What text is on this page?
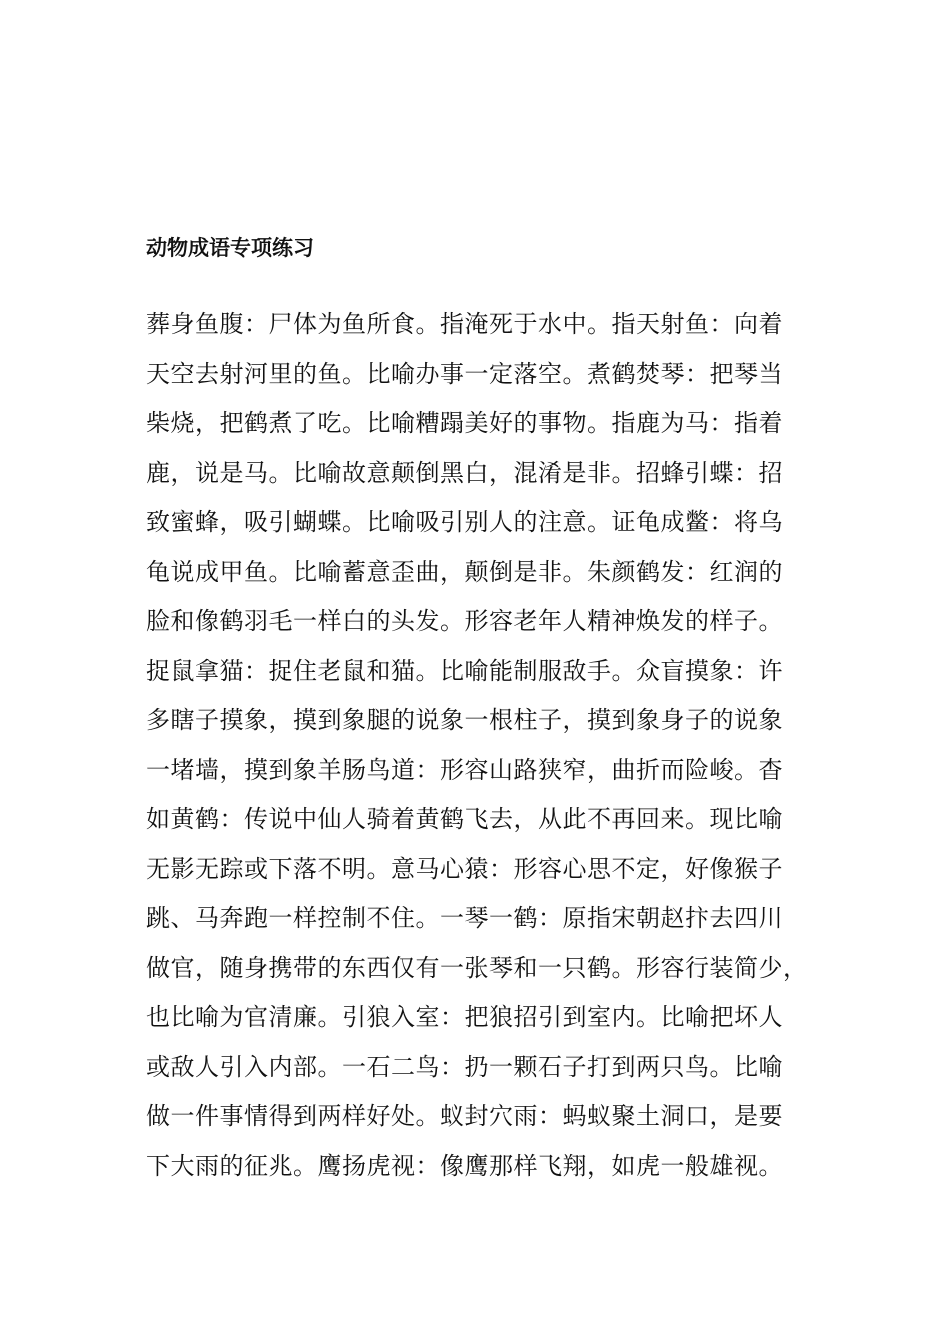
动物成语专项练习
葬身鱼腹：尸体为鱼所食。指淹死于水中。指天射鱼：向着
天空去射河里的鱼。比喻办事一定落空。煮鹤焚琴：把琴当
柴烧，把鹤煮了吃。比喻糟蹋美好的事物。指鹿为马：指着
鹿，说是马。比喻故意颠倒黑白，混淆是非。招蜂引蝶：招
致蜜蜂，吸引蝴蝶。比喻吸引别人的注意。证龟成鳖：将乌
龟说成甲鱼。比喻蓄意歪曲，颠倒是非。朱颜鹤发：红润的
脸和像鹤羽毛一样白的头发。形容老年人精神焕发的样子。
捉鼠拿猫：捉住老鼠和猫。比喻能制服敌手。众盲摸象：许
多瞎子摸象，摸到象腿的说象一根柱子，摸到象身子的说象
一堵墙，摸到象羊肠鸟道：形容山路狭窄，曲折而险峻。杳
如黄鹤：传说中仙人骑着黄鹤飞去，从此不再回来。现比喻
无影无踪或下落不明。意马心猿：形容心思不定，好像猴子
跳、马奔跑一样控制不住。一琴一鹤：原指宋朝赵抃去四川
做官，随身携带的东西仅有一张琴和一只鹤。形容行装简少，
也比喻为官清廉。引狼入室：把狼招引到室内。比喻把坏人
或敌人引入内部。一石二鸟：扔一颗石子打到两只鸟。比喻
做一件事情得到两样好处。蚁封穴雨：蚂蚁聚土洞口，是要
下大雨的征兆。鹰扬虎视：像鹰那样飞翔，如虎一般雄视。
